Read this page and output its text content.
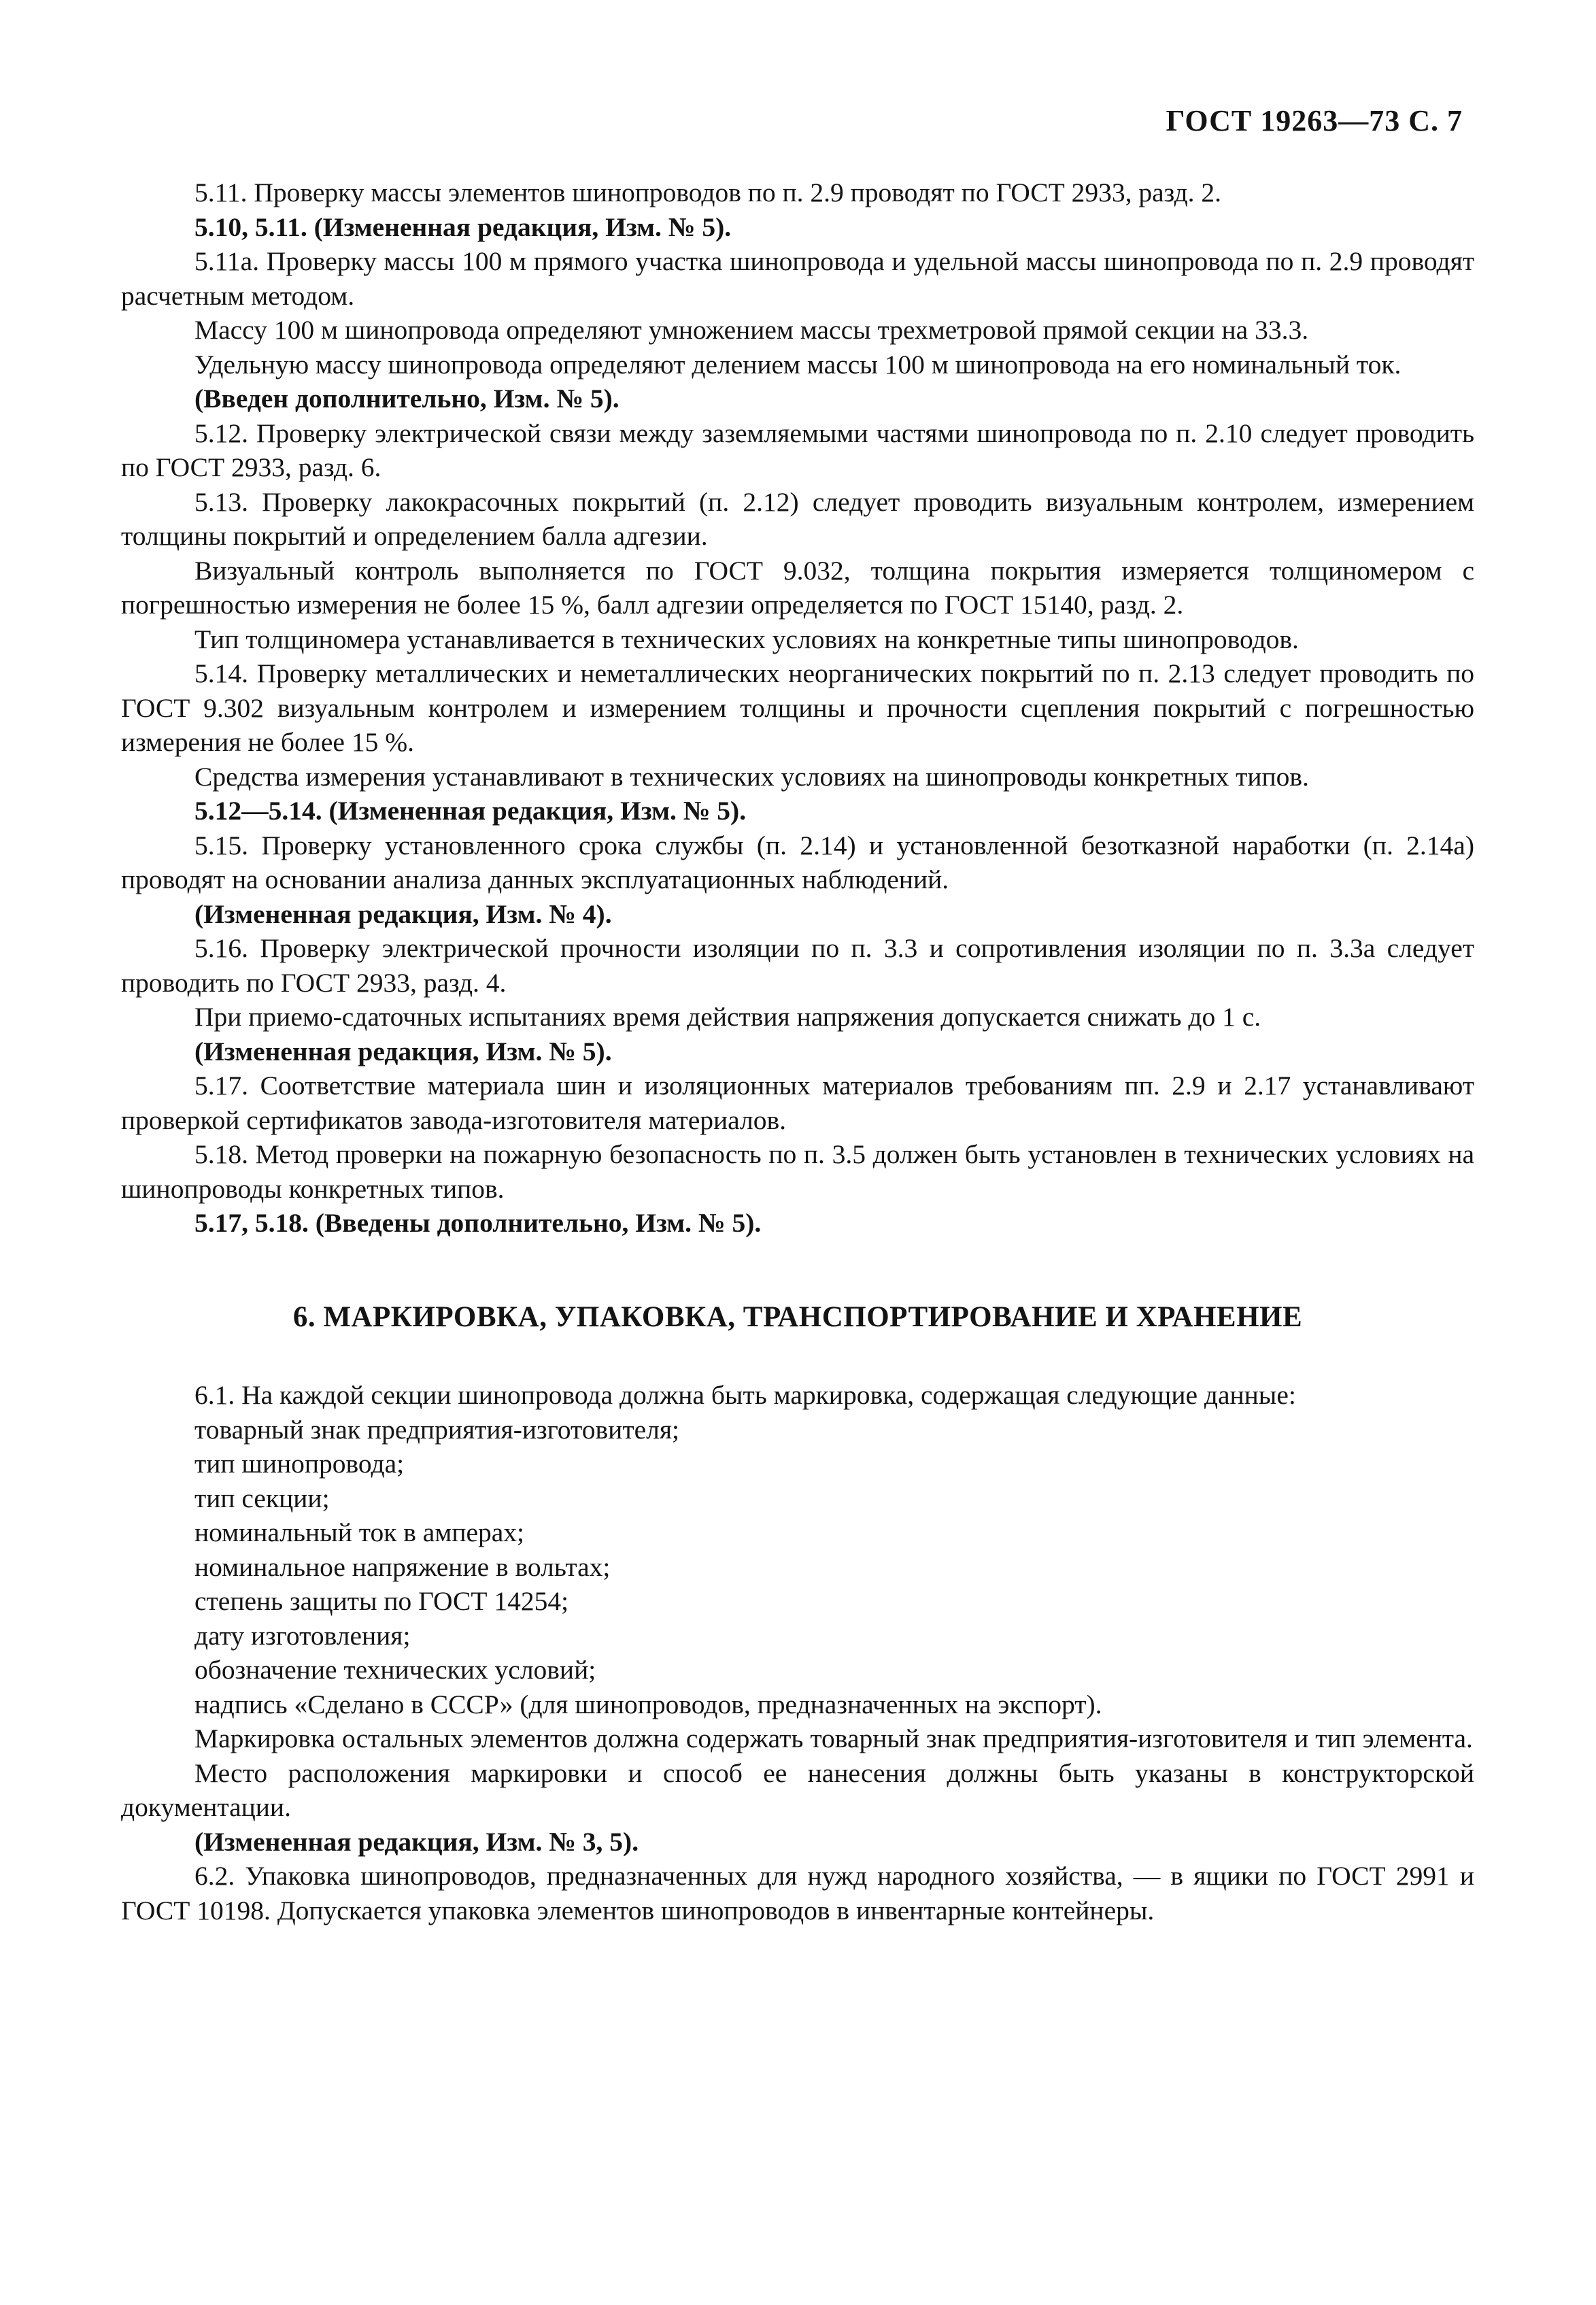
ГОСТ 19263—73 С. 7

5.11. Проверку массы элементов шинопроводов по п. 2.9 проводят по ГОСТ 2933, разд. 2.

5.10, 5.11. (Измененная редакция, Изм. № 5).

5.11а. Проверку массы 100 м прямого участка шинопровода и удельной массы шинопровода по п. 2.9 проводят расчетным методом.

Массу 100 м шинопровода определяют умножением массы трехметровой прямой секции на 33.3.

Удельную массу шинопровода определяют делением массы 100 м шинопровода на его номинальный ток.

(Введен дополнительно, Изм. № 5).

5.12. Проверку электрической связи между заземляемыми частями шинопровода по п. 2.10 следует проводить по ГОСТ 2933, разд. 6.

5.13. Проверку лакокрасочных покрытий (п. 2.12) следует проводить визуальным контролем, измерением толщины покрытий и определением балла адгезии.

Визуальный контроль выполняется по ГОСТ 9.032, толщина покрытия измеряется толщиномером с погрешностью измерения не более 15 %, балл адгезии определяется по ГОСТ 15140, разд. 2.

Тип толщиномера устанавливается в технических условиях на конкретные типы шинопроводов.

5.14. Проверку металлических и неметаллических неорганических покрытий по п. 2.13 следует проводить по ГОСТ 9.302 визуальным контролем и измерением толщины и прочности сцепления покрытий с погрешностью измерения не более 15 %.

Средства измерения устанавливают в технических условиях на шинопроводы конкретных типов.

5.12—5.14. (Измененная редакция, Изм. № 5).

5.15. Проверку установленного срока службы (п. 2.14) и установленной безотказной наработки (п. 2.14а) проводят на основании анализа данных эксплуатационных наблюдений.

(Измененная редакция, Изм. № 4).

5.16. Проверку электрической прочности изоляции по п. 3.3 и сопротивления изоляции по п. 3.3а следует проводить по ГОСТ 2933, разд. 4.

При приемо-сдаточных испытаниях время действия напряжения допускается снижать до 1 с.

(Измененная редакция, Изм. № 5).

5.17. Соответствие материала шин и изоляционных материалов требованиям пп. 2.9 и 2.17 устанавливают проверкой сертификатов завода-изготовителя материалов.

5.18. Метод проверки на пожарную безопасность по п. 3.5 должен быть установлен в технических условиях на шинопроводы конкретных типов.

5.17, 5.18. (Введены дополнительно, Изм. № 5).

6. МАРКИРОВКА, УПАКОВКА, ТРАНСПОРТИРОВАНИЕ И ХРАНЕНИЕ

6.1. На каждой секции шинопровода должна быть маркировка, содержащая следующие данные:

товарный знак предприятия-изготовителя;
тип шинопровода;
тип секции;
номинальный ток в амперах;
номинальное напряжение в вольтах;
степень защиты по ГОСТ 14254;
дату изготовления;
обозначение технических условий;
надпись «Сделано в СССР» (для шинопроводов, предназначенных на экспорт).

Маркировка остальных элементов должна содержать товарный знак предприятия-изготовителя и тип элемента.

Место расположения маркировки и способ ее нанесения должны быть указаны в конструкторской документации.

(Измененная редакция, Изм. № 3, 5).

6.2. Упаковка шинопроводов, предназначенных для нужд народного хозяйства, — в ящики по ГОСТ 2991 и ГОСТ 10198. Допускается упаковка элементов шинопроводов в инвентарные контейнеры.
